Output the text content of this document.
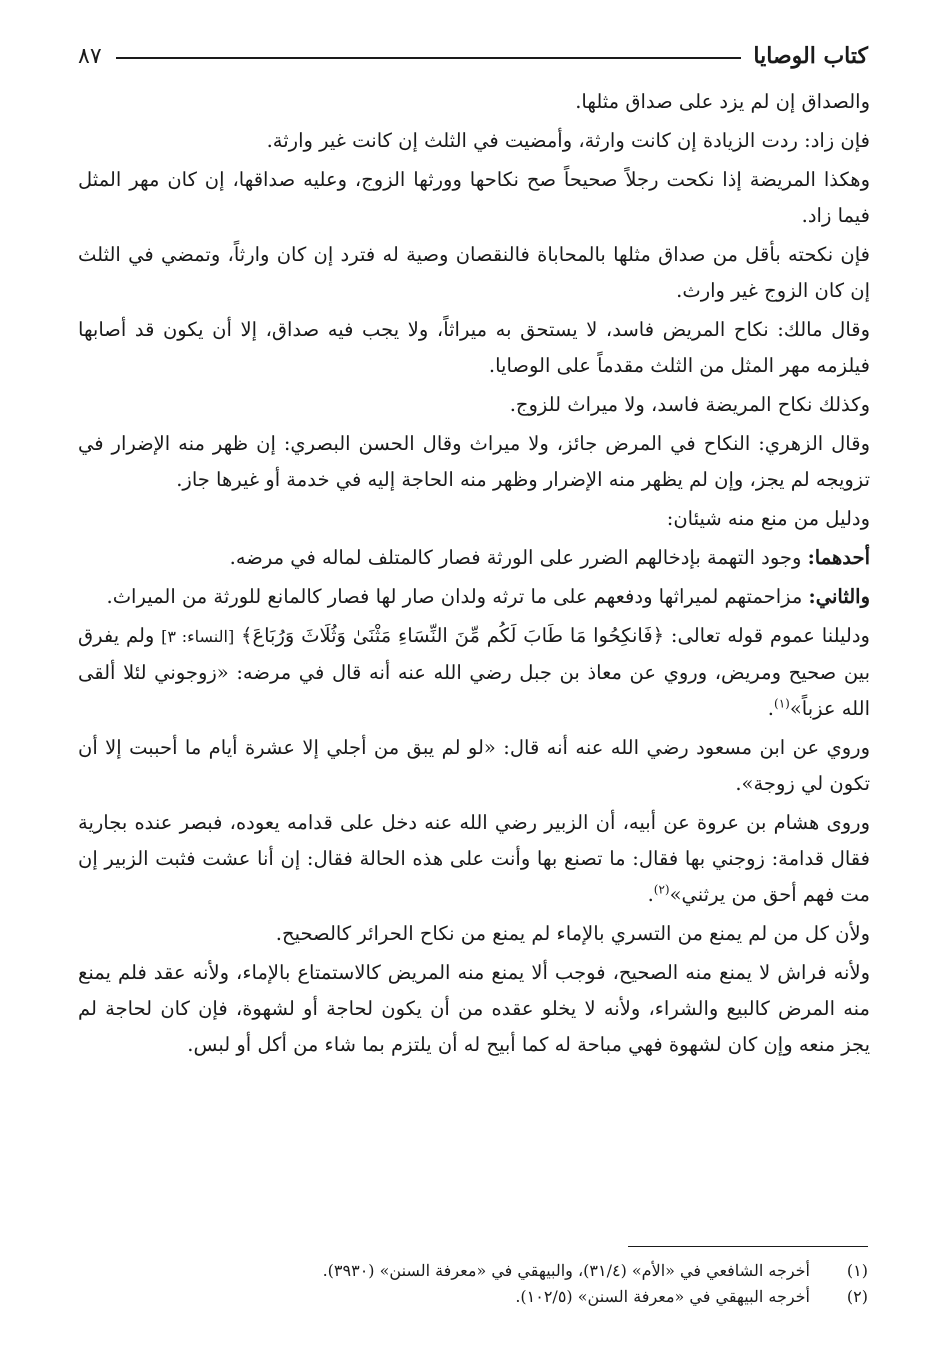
كتاب الوصايا
٨٧

والصداق إن لم يزد على صداق مثلها.

فإن زاد: ردت الزيادة إن كانت وارثة، وأمضيت في الثلث إن كانت غير وارثة.

وهكذا المريضة إذا نكحت رجلاً صحيحاً صح نكاحها وورثها الزوج، وعليه صداقها، إن كان مهر المثل فيما زاد.

فإن نكحته بأقل من صداق مثلها بالمحاباة فالنقصان وصية له فترد إن كان وارثاً، وتمضي في الثلث إن كان الزوج غير وارث.

وقال مالك: نكاح المريض فاسد، لا يستحق به ميراثاً، ولا يجب فيه صداق، إلا أن يكون قد أصابها فيلزمه مهر المثل من الثلث مقدماً على الوصايا.

وكذلك نكاح المريضة فاسد، ولا ميراث للزوج.

وقال الزهري: النكاح في المرض جائز، ولا ميراث وقال الحسن البصري: إن ظهر منه الإضرار في تزويجه لم يجز، وإن لم يظهر منه الإضرار وظهر منه الحاجة إليه في خدمة أو غيرها جاز.

ودليل من منع منه شيئان:

أحدهما: وجود التهمة بإدخالهم الضرر على الورثة فصار كالمتلف لماله في مرضه.

والثاني: مزاحمتهم لميراثها ودفعهم على ما ترثه ولدان صار لها فصار كالمانع للورثة من الميراث.

ودليلنا عموم قوله تعالى: ﴿فَانكِحُوا مَا طَابَ لَكُم مِّنَ النِّسَاءِ مَثْنَىٰ وَثُلَاثَ وَرُبَاعَ﴾ [النساء: ٣] ولم يفرق بين صحيح ومريض، وروي عن معاذ بن جبل رضي الله عنه أنه قال في مرضه: «زوجوني لئلا ألقى الله عزباً»$^{(١)}$.

وروي عن ابن مسعود رضي الله عنه أنه قال: «لو لم يبق من أجلي إلا عشرة أيام ما أحببت إلا أن تكون لي زوجة».

وروى هشام بن عروة عن أبيه، أن الزبير رضي الله عنه دخل على قدامه يعوده، فبصر عنده بجارية فقال قدامة: زوجني بها فقال: ما تصنع بها وأنت على هذه الحالة فقال: إن أنا عشت فثبت الزبير إن مت فهم أحق من يرثني»$^{(٢)}$.

ولأن كل من لم يمنع من التسري بالإماء لم يمنع من نكاح الحرائر كالصحيح.

ولأنه فراش لا يمنع منه الصحيح، فوجب ألا يمنع منه المريض كالاستمتاع بالإماء، ولأنه عقد فلم يمنع منه المرض كالبيع والشراء، ولأنه لا يخلو عقده من أن يكون لحاجة أو لشهوة، فإن كان لحاجة لم يجز منعه وإن كان لشهوة فهي مباحة له كما أبيح له أن يلتزم بما شاء من أكل أو لبس.

(١)
أخرجه الشافعي في «الأم» (٣١/٤)، والبيهقي في «معرفة السنن» (٣٩٣٠).
(٢)
أخرجه البيهقي في «معرفة السنن» (١٠٢/٥).
